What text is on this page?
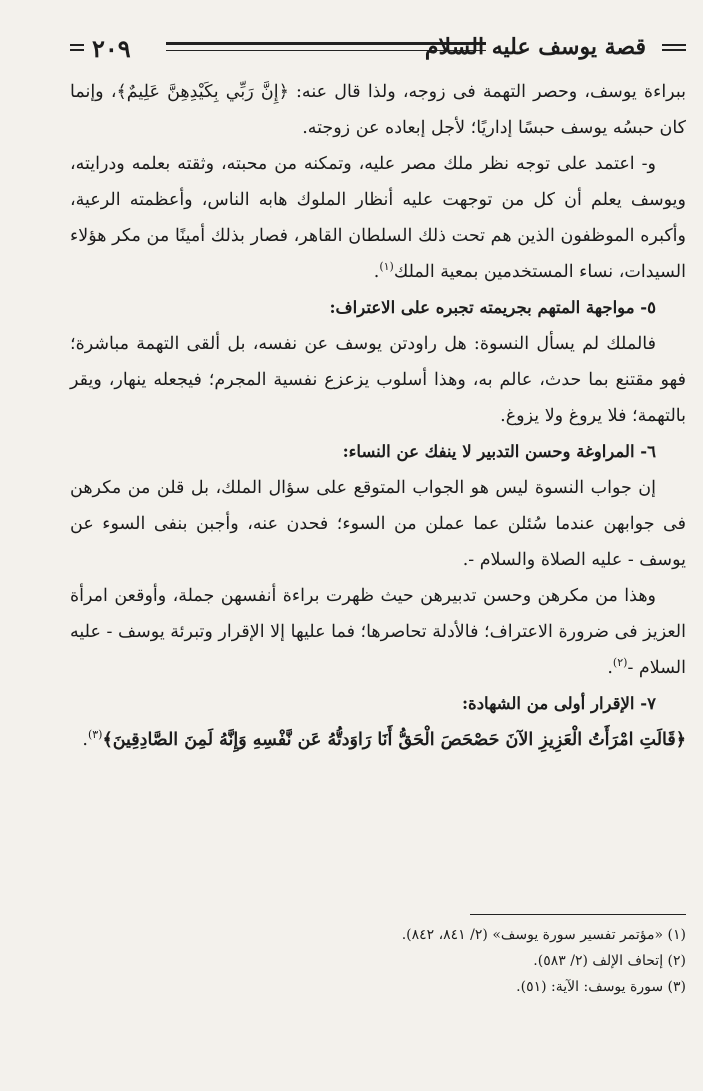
٢٠٩	قصة يوسف عليه السلام

ببراءة يوسف، وحصر التهمة فى زوجه، ولذا قال عنه: ﴿إِنَّ رَبِّي بِكَيْدِهِنَّ عَلِيمٌ﴾، وإنما كان حبسُه يوسف حبسًا إداريًا؛ لأجل إبعاده عن زوجته.

و- اعتمد على توجه نظر ملك مصر عليه، وتمكنه من محبته، وثقته بعلمه ودرايته، ويوسف يعلم أن كل من توجهت عليه أنظار الملوك هابه الناس، وأعظمته الرعية، وأكبره الموظفون الذين هم تحت ذلك السلطان القاهر، فصار بذلك أمينًا من مكر هؤلاء السيدات، نساء المستخدمين بمعية الملك$^{(١)}$.

٥- مواجهة المتهم بجريمته تجبره على الاعتراف:

فالملك لم يسأل النسوة: هل راودتن يوسف عن نفسه، بل ألقى التهمة مباشرة؛ فهو مقتنع بما حدث، عالم به، وهذا أسلوب يزعزع نفسية المجرم؛ فيجعله ينهار، ويقر بالتهمة؛ فلا يروغ ولا يزوغ.

٦- المراوغة وحسن التدبير لا ينفك عن النساء:

إن جواب النسوة ليس هو الجواب المتوقع على سؤال الملك، بل قلن من مكرهن فى جوابهن عندما سُئلن عما عملن من السوء؛ فحدن عنه، وأجبن بنفى السوء عن يوسف - عليه الصلاة والسلام -.

وهذا من مكرهن وحسن تدبيرهن حيث ظهرت براءة أنفسهن جملة، وأوقعن امرأة العزيز فى ضرورة الاعتراف؛ فالأدلة تحاصرها؛ فما عليها إلا الإقرار وتبرئة يوسف - عليه السلام -$^{(٢)}$.

٧- الإقرار أولى من الشهادة:

﴿قَالَتِ امْرَأَتُ الْعَزِيزِ الآنَ حَصْحَصَ الْحَقُّ أَنَا رَاوَدتُّهُ عَن نَّفْسِهِ وَإِنَّهُ لَمِنَ الصَّادِقِينَ﴾$^{(٣)}$.

(١) «مؤتمر تفسير سورة يوسف» (٢/ ٨٤١، ٨٤٢).

(٢) إتحاف الإلف (٢/ ٥٨٣).

(٣) سورة يوسف: الآية: (٥١).
